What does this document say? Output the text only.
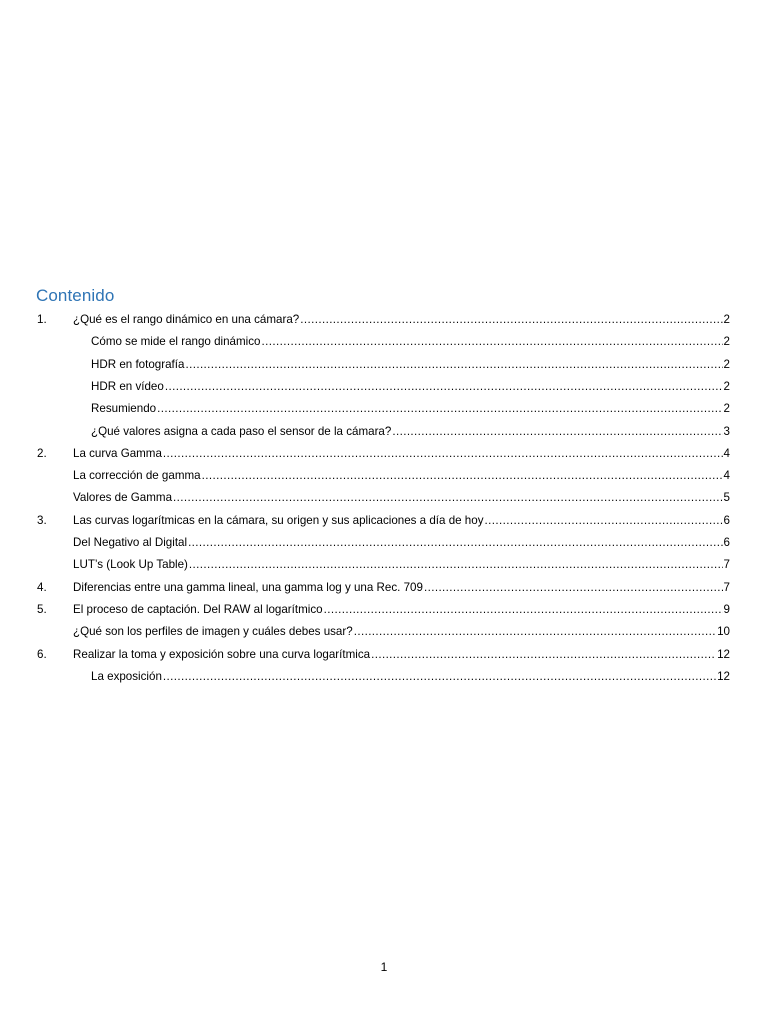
Contenido
1. ¿Qué es el rango dinámico en una cámara? .....	2
Cómo se mide el rango dinámico .....	2
HDR en fotografía .....	2
HDR en vídeo .....	2
Resumiendo .....	2
¿Qué valores asigna a cada paso el sensor de la cámara? .....	3
2. La curva Gamma .....	4
La corrección de gamma .....	4
Valores de Gamma .....	5
3. Las curvas logarítmicas en la cámara, su origen y sus aplicaciones a día de hoy .....	6
Del Negativo al Digital .....	6
LUT’s (Look Up Table) .....	7
4. Diferencias entre una gamma lineal, una gamma log y una Rec. 709 .....	7
5. El proceso de captación. Del RAW al logarítmico .....	9
¿Qué son los perfiles de imagen y cuáles debes usar? .....	10
6. Realizar la toma y exposición sobre una curva logarítmica .....	12
La exposición .....	12
1
